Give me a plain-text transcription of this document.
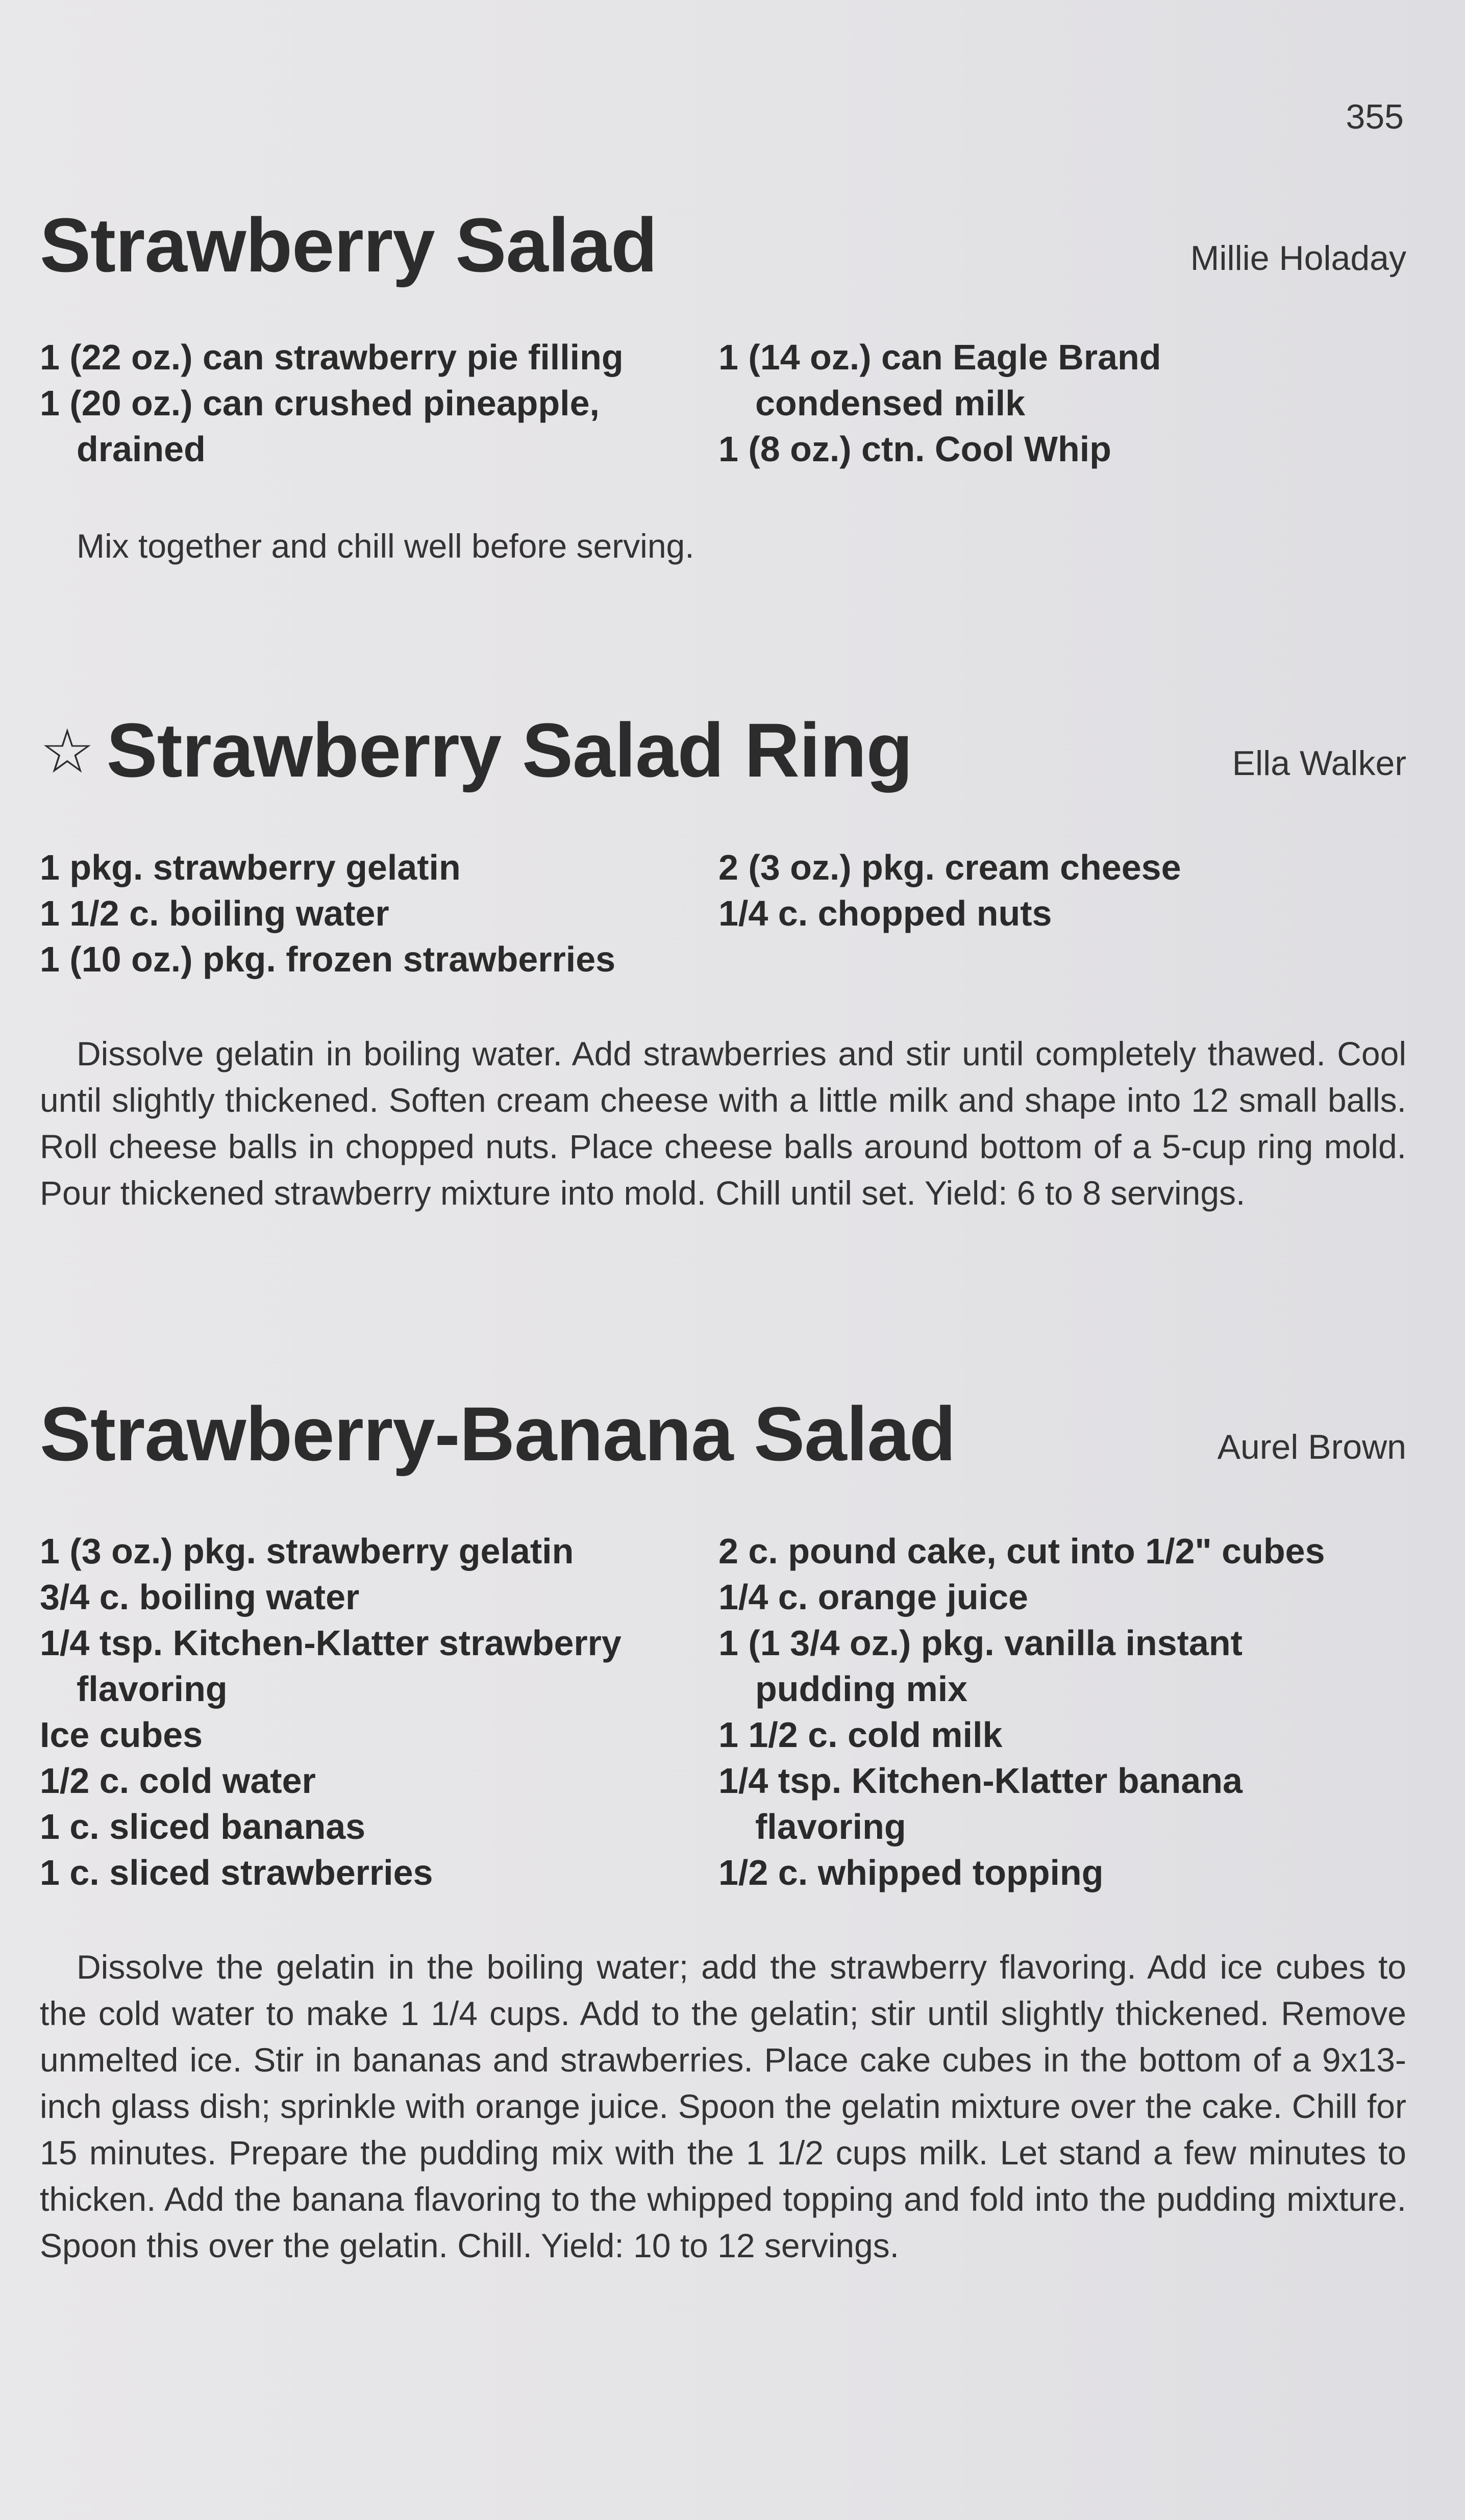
355
Strawberry Salad	Millie Holaday
1 (22 oz.) can strawberry pie filling
1 (20 oz.) can crushed pineapple,
drained
1 (14 oz.) can Eagle Brand
condensed milk
1 (8 oz.) ctn. Cool Whip

Mix together and chill well before serving.

☆ Strawberry Salad Ring	Ella Walker
1 pkg. strawberry gelatin
1 1/2 c. boiling water
1 (10 oz.) pkg. frozen strawberries
2 (3 oz.) pkg. cream cheese
1/4 c. chopped nuts

Dissolve gelatin in boiling water. Add strawberries and stir until completely thawed. Cool until slightly thickened. Soften cream cheese with a little milk and shape into 12 small balls. Roll cheese balls in chopped nuts. Place cheese balls around bottom of a 5-cup ring mold. Pour thickened strawberry mixture into mold. Chill until set. Yield: 6 to 8 servings.

Strawberry-Banana Salad	Aurel Brown
1 (3 oz.) pkg. strawberry gelatin
3/4 c. boiling water
1/4 tsp. Kitchen-Klatter strawberry
flavoring
Ice cubes
1/2 c. cold water
1 c. sliced bananas
1 c. sliced strawberries
2 c. pound cake, cut into 1/2" cubes
1/4 c. orange juice
1 (1 3/4 oz.) pkg. vanilla instant
pudding mix
1 1/2 c. cold milk
1/4 tsp. Kitchen-Klatter banana
flavoring
1/2 c. whipped topping

Dissolve the gelatin in the boiling water; add the strawberry flavoring. Add ice cubes to the cold water to make 1 1/4 cups. Add to the gelatin; stir until slightly thickened. Remove unmelted ice. Stir in bananas and strawberries. Place cake cubes in the bottom of a 9x13-inch glass dish; sprinkle with orange juice. Spoon the gelatin mixture over the cake. Chill for 15 minutes. Prepare the pudding mix with the 1 1/2 cups milk. Let stand a few minutes to thicken. Add the banana flavoring to the whipped topping and fold into the pudding mixture. Spoon this over the gelatin. Chill. Yield: 10 to 12 servings.
